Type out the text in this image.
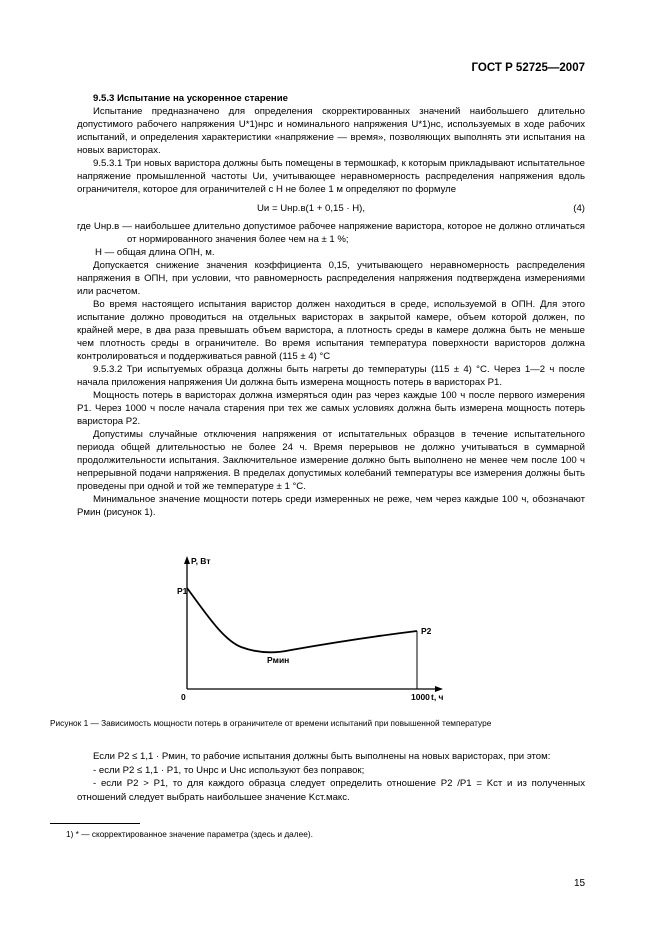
ГОСТ Р 52725—2007

9.5.3 Испытание на ускоренное старение

Испытание предназначено для определения скорректированных значений наибольшего длительно допустимого рабочего напряжения U*1)нрс и номинального напряжения U*1)нс, используемых в ходе рабочих испытаний, и определения характеристики «напряжение — время», позволяющих выполнять эти испытания на новых варисторах.

9.5.3.1 Три новых варистора должны быть помещены в термошкаф, к которым прикладывают испытательное напряжение промышленной частоты Uи, учитывающее неравномерность распределения напряжения вдоль ограничителя, которое для ограничителей с H не более 1 м определяют по формуле

Uи = Uнр.в(1 + 0,15 · H),	(4)

где Uнр.в — наибольшее длительно допустимое рабочее напряжение варистора, которое не должно отличаться от нормированного значения более чем на ± 1 %;

H — общая длина ОПН, м.

Допускается снижение значения коэффициента 0,15, учитывающего неравномерность распределения напряжения в ОПН, при условии, что равномерность распределения напряжения подтверждена измерениями или расчетом.

Во время настоящего испытания варистор должен находиться в среде, используемой в ОПН. Для этого испытание должно проводиться на отдельных варисторах в закрытой камере, объем которой должен, по крайней мере, в два раза превышать объем варистора, а плотность среды в камере должна быть не меньше чем плотность среды в ограничителе. Во время испытания температура поверхности варисторов должна контролироваться и поддерживаться равной (115 ± 4) °С

9.5.3.2 Три испытуемых образца должны быть нагреты до температуры (115 ± 4) °С. Через 1—2 ч после начала приложения напряжения Uи должна быть измерена мощность потерь в варисторах P1.

Мощность потерь в варисторах должна измеряться один раз через каждые 100 ч после первого измерения P1. Через 1000 ч после начала старения при тех же самых условиях должна быть измерена мощность потерь варистора P2.

Допустимы случайные отключения напряжения от испытательных образцов в течение испытательного периода общей длительностью не более 24 ч. Время перерывов не должно учитываться в суммарной продолжительности испытания. Заключительное измерение должно быть выполнено не менее чем после 100 ч непрерывной подачи напряжения. В пределах допустимых колебаний температуры все измерения должны быть проведены при одной и той же температуре ± 1 °С.

Минимальное значение мощности потерь среди измеренных не реже, чем через каждые 100 ч, обозначают Pмин (рисунок 1).

P, Вт
P1
P2
Pмин
0	1000 t, ч
Рисунок 1 — Зависимость мощности потерь в ограничителе от времени испытаний при повышенной температуре

Если P2 ≤ 1,1 · Pмин, то рабочие испытания должны быть выполнены на новых варисторах, при этом:

- если P2 ≤ 1,1 · P1, то Uнрс и Uнс используют без поправок;

- если P2 > P1, то для каждого образца следует определить отношение P2 /P1 = Kст и из полученных отношений следует выбрать наибольшее значение Kст.макс.

1) * — скорректированное значение параметра (здесь и далее).
15
